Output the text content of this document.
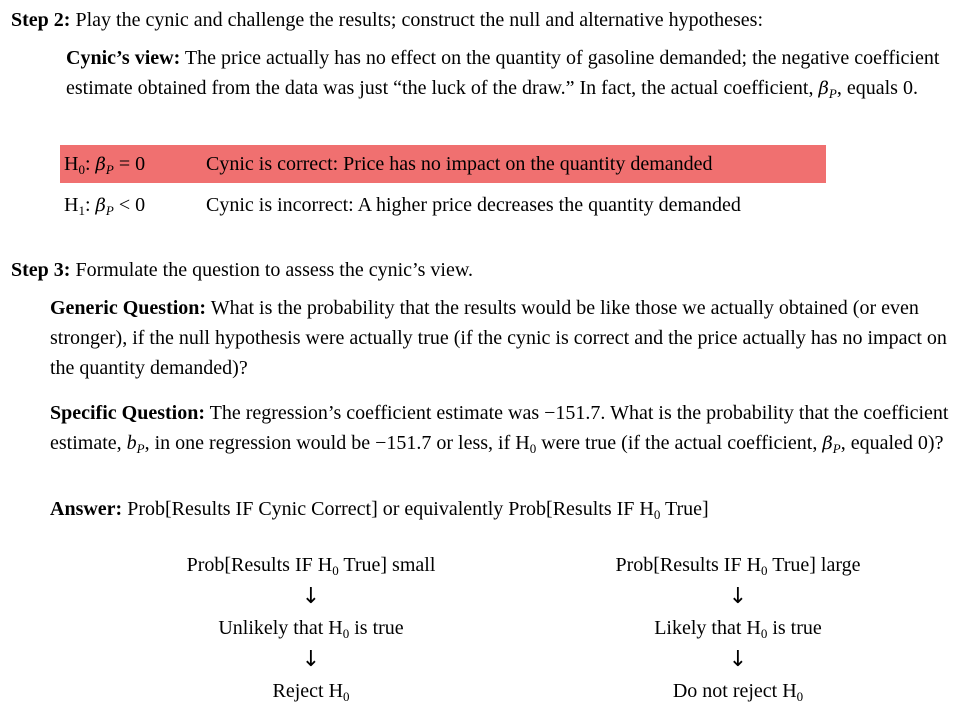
Step 2: Play the cynic and challenge the results; construct the null and alternative hypotheses:
Cynic’s view: The price actually has no effect on the quantity of gasoline demanded; the negative coefficient estimate obtained from the data was just “the luck of the draw.” In fact, the actual coefficient, $\beta_P$, equals 0.
$H_0$: $\beta_P = 0$	Cynic is correct: Price has no impact on the quantity demanded
$H_1$: $\beta_P < 0$	Cynic is incorrect: A higher price decreases the quantity demanded
Step 3: Formulate the question to assess the cynic’s view.
Generic Question: What is the probability that the results would be like those we actually obtained (or even stronger), if the null hypothesis were actually true (if the cynic is correct and the price actually has no impact on the quantity demanded)?
Specific Question: The regression’s coefficient estimate was −151.7. What is the probability that the coefficient estimate, $b_P$, in one regression would be −151.7 or less, if $H_0$ were true (if the actual coefficient, $\beta_P$, equaled 0)?
Answer: Prob[Results IF Cynic Correct] or equivalently Prob[Results IF $H_0$ True]
Prob[Results IF $H_0$ True] small
↓
Unlikely that $H_0$ is true
↓
Reject $H_0$
Prob[Results IF $H_0$ True] large
↓
Likely that $H_0$ is true
↓
Do not reject $H_0$
